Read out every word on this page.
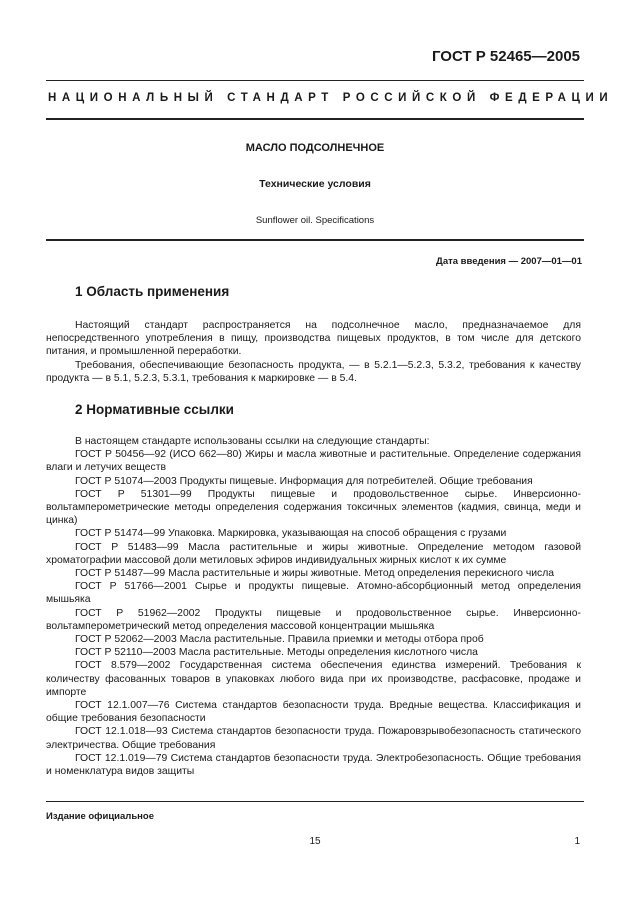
ГОСТ Р 52465—2005
НАЦИОНАЛЬНЫЙ СТАНДАРТ РОССИЙСКОЙ ФЕДЕРАЦИИ
МАСЛО ПОДСОЛНЕЧНОЕ
Технические условия
Sunflower oil. Specifications
Дата введения — 2007—01—01
1 Область применения

Настоящий стандарт распространяется на подсолнечное масло, предназначаемое для непосредственного употребления в пищу, производства пищевых продуктов, в том числе для детского питания, и промышленной переработки.

Требования, обеспечивающие безопасность продукта, — в 5.2.1—5.2.3, 5.3.2, требования к качеству продукта — в 5.1, 5.2.3, 5.3.1, требования к маркировке — в 5.4.

2 Нормативные ссылки

В настоящем стандарте использованы ссылки на следующие стандарты:

ГОСТ Р 50456—92 (ИСО 662—80) Жиры и масла животные и растительные. Определение содержания влаги и летучих веществ

ГОСТ Р 51074—2003 Продукты пищевые. Информация для потребителей. Общие требования

ГОСТ Р 51301—99 Продукты пищевые и продовольственное сырье. Инверсионно-вольтамперометрические методы определения содержания токсичных элементов (кадмия, свинца, меди и цинка)

ГОСТ Р 51474—99 Упаковка. Маркировка, указывающая на способ обращения с грузами

ГОСТ Р 51483—99 Масла растительные и жиры животные. Определение методом газовой хроматографии массовой доли метиловых эфиров индивидуальных жирных кислот к их сумме

ГОСТ Р 51487—99 Масла растительные и жиры животные. Метод определения перекисного числа

ГОСТ Р 51766—2001 Сырье и продукты пищевые. Атомно-абсорбционный метод определения мышьяка

ГОСТ Р 51962—2002 Продукты пищевые и продовольственное сырье. Инверсионно-вольтамперометрический метод определения массовой концентрации мышьяка

ГОСТ Р 52062—2003 Масла растительные. Правила приемки и методы отбора проб

ГОСТ Р 52110—2003 Масла растительные. Методы определения кислотного числа

ГОСТ 8.579—2002 Государственная система обеспечения единства измерений. Требования к количеству фасованных товаров в упаковках любого вида при их производстве, расфасовке, продаже и импорте

ГОСТ 12.1.007—76 Система стандартов безопасности труда. Вредные вещества. Классификация и общие требования безопасности

ГОСТ 12.1.018—93 Система стандартов безопасности труда. Пожаровзрывобезопасность статического электричества. Общие требования

ГОСТ 12.1.019—79 Система стандартов безопасности труда. Электробезопасность. Общие требования и номенклатура видов защиты

Издание официальное
15	1
